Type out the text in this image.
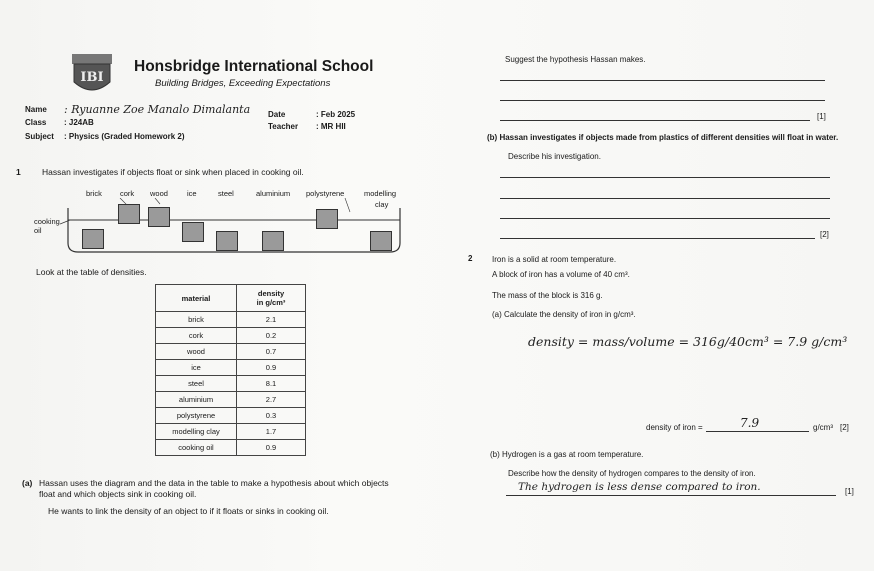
IBI
Honsbridge International School
Building Bridges, Exceeding Expectations
Name : Ryuanne Zoe Manalo Dimalanta
Class : J24AB
Date	: Feb 2025
Teacher : MR HII
Subject : Physics (Graded Homework 2)
1	Hassan investigates if objects float or sink when placed in cooking oil.
brick cork wood	ice	steel	aluminium polystyrene	modelling
clay
cooking
oil
Look at the table of densities.
material	density
in g/cm³
brick	2.1
cork	0.2
wood	0.7
ice	0.9
steel	8.1
aluminium	2.7
polystyrene	0.3
modelling clay	1.7
cooking oil	0.9
(a) Hassan uses the diagram and the data in the table to make a hypothesis about which objects
float and which objects sink in cooking oil.
He wants to link the density of an object to if it floats or sinks in cooking oil.
Suggest the hypothesis Hassan makes.
[1]
(b) Hassan investigates if objects made from plastics of different densities will float in water.
Describe his investigation.
[2]
2 Iron is a solid at room temperature.
A block of iron has a volume of 40 cm³.
The mass of the block is 316 g.
(a) Calculate the density of iron in g/cm³.
density = mass/volume = 316g/40cm³ = 7.9 g/cm³
density of iron =	7.9	g/cm³ [2]
(b) Hydrogen is a gas at room temperature.
Describe how the density of hydrogen compares to the density of iron.
The hydrogen is less dense compared to iron.	[1]
